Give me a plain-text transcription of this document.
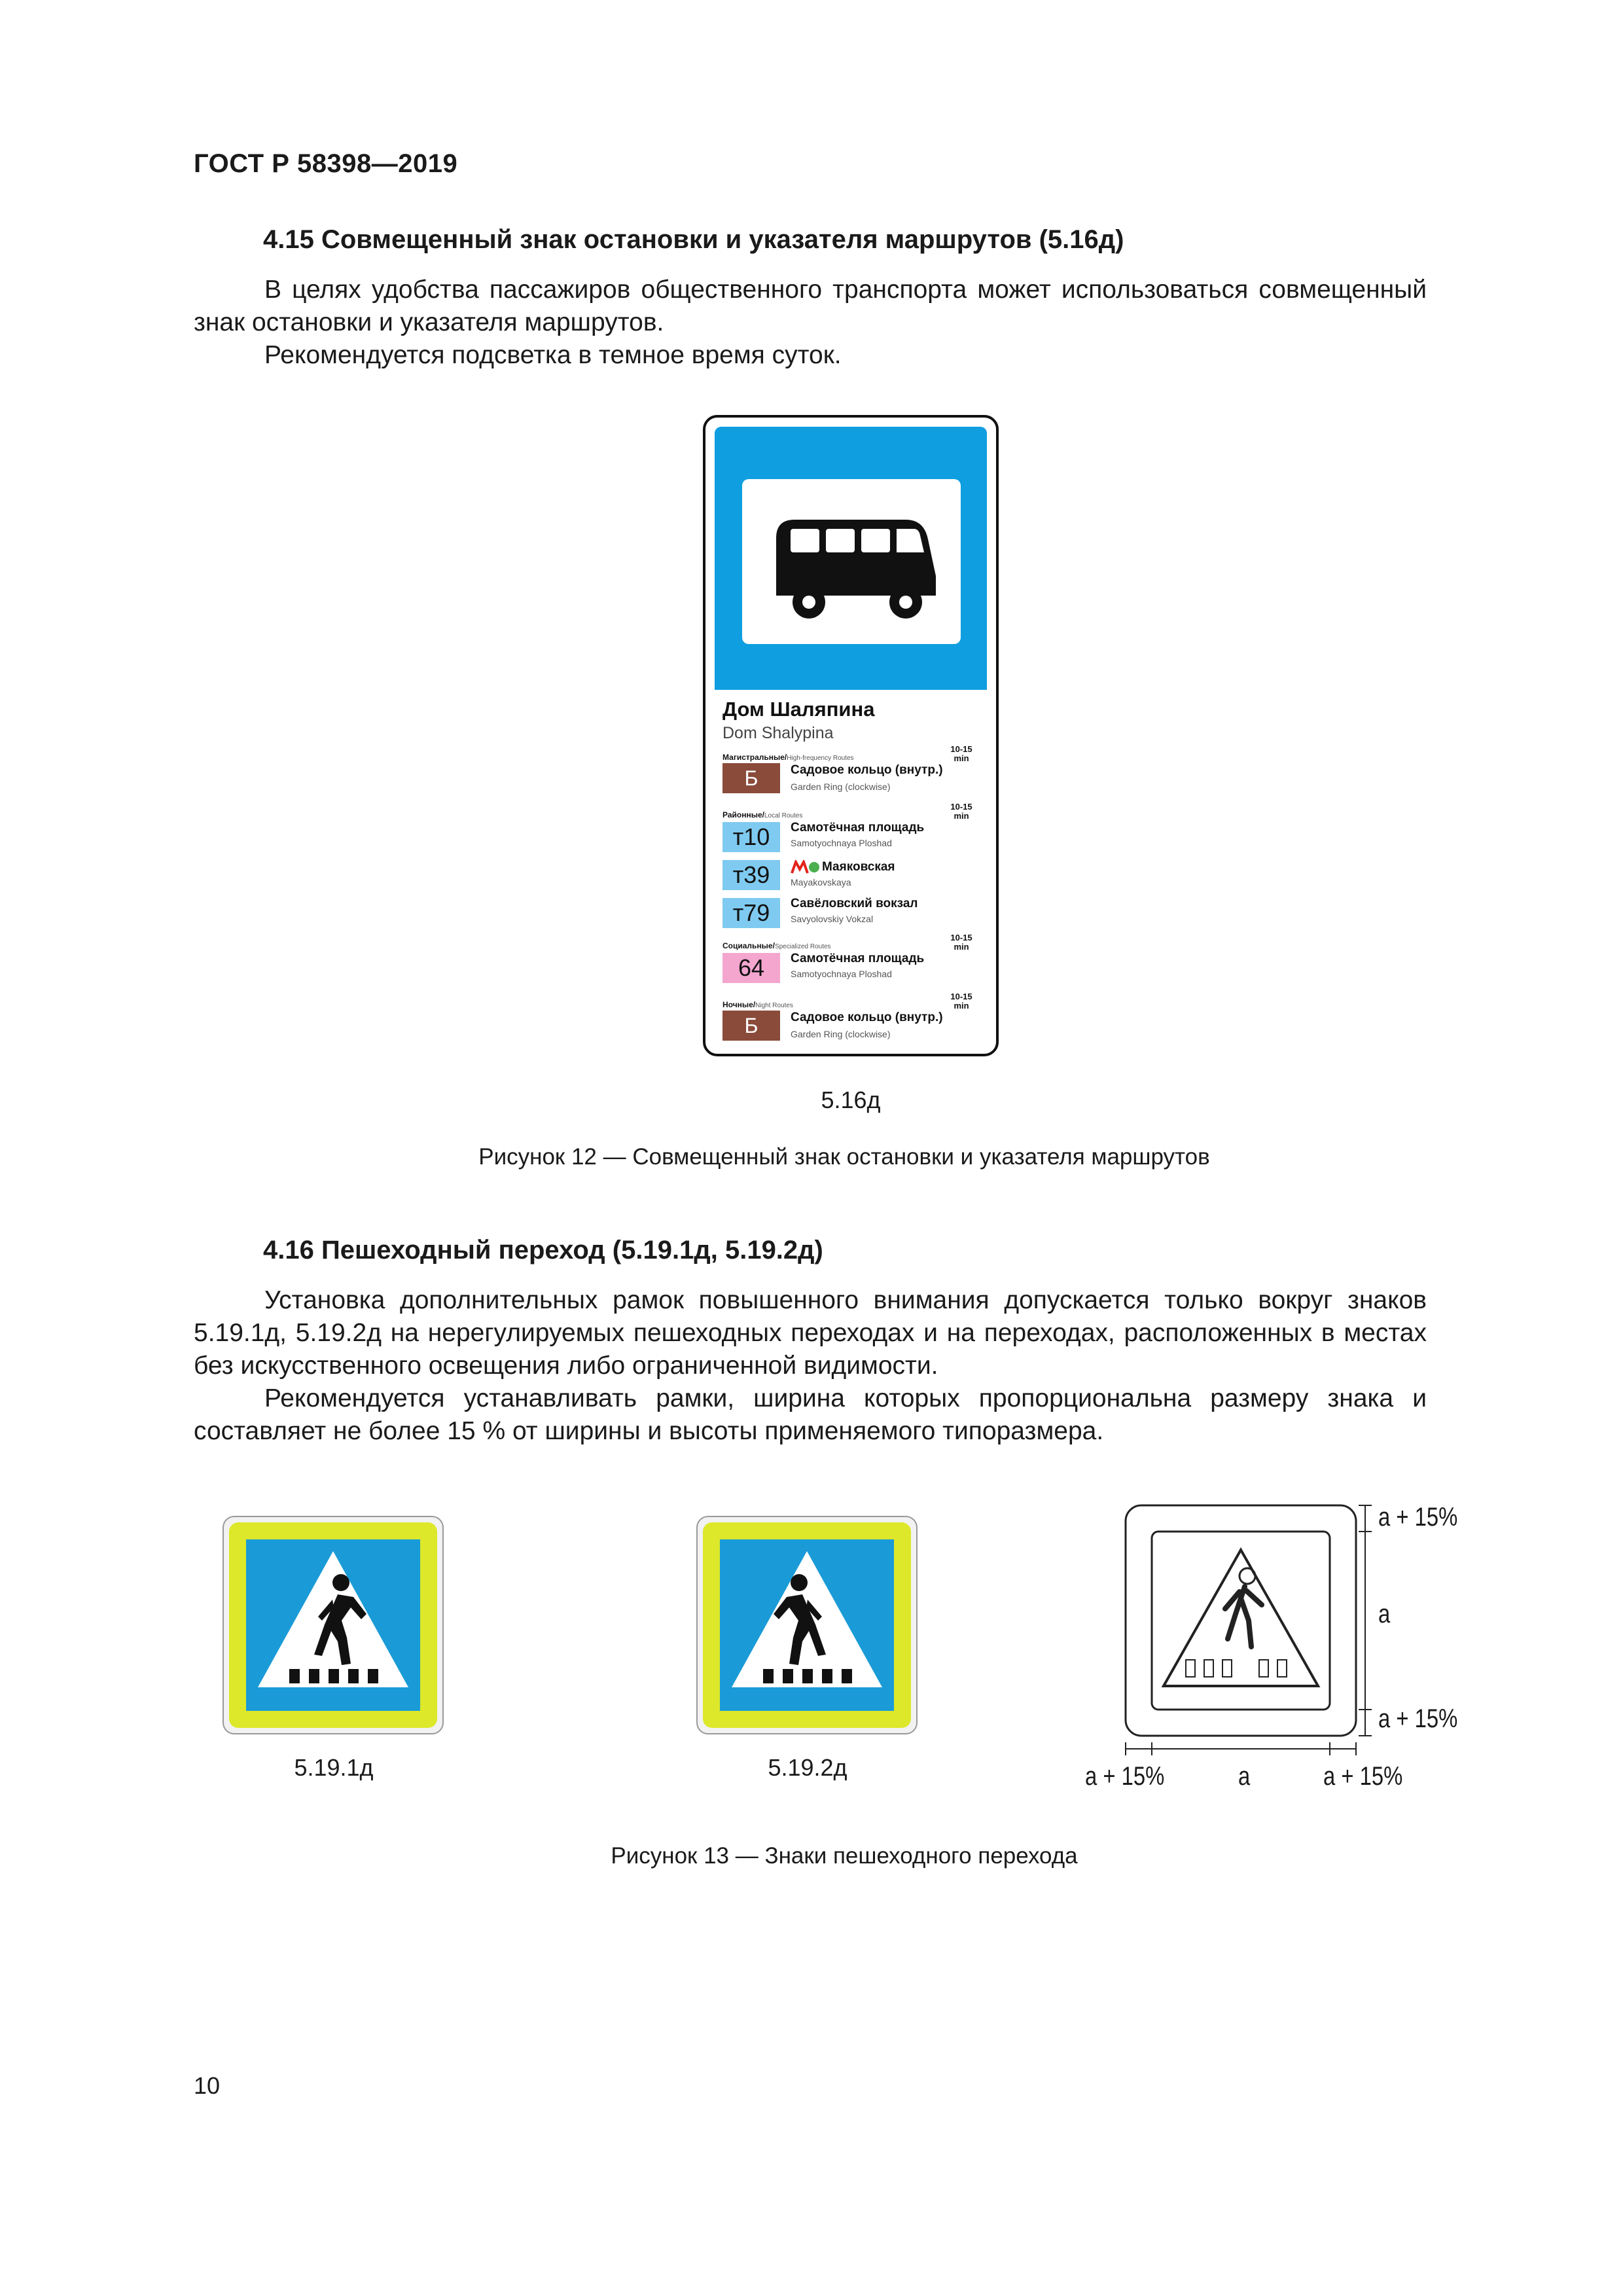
ГОСТ Р 58398—2019
4.15 Совмещенный знак остановки и указателя маршрутов (5.16д)
В целях удобства пассажиров общественного транспорта может использоваться совмещенный знак остановки и указателя маршрутов.
Рекомендуется подсветка в темное время суток.
Дом Шаляпина
Dom Shalypina
Магистральные/High-frequency Routes
10-15 min
Б	Садовое кольцо (внутр.)
Garden Ring (clockwise)
Районные/Local Routes
10-15 min
т10	Самотёчная площадь
Samotyochnaya Ploshad
т39	Маяковская
Mayakovskaya
т79	Савёловский вокзал
Savyolovskiy Vokzal
Социальные/Specialized Routes
10-15 min
64	Самотёчная площадь
Samotyochnaya Ploshad
Ночные/Night Routes
10-15 min
Б	Садовое кольцо (внутр.)
Garden Ring (clockwise)
5.16д
Рисунок 12 — Совмещенный знак остановки и указателя маршрутов
4.16 Пешеходный переход (5.19.1д, 5.19.2д)
Установка дополнительных рамок повышенного внимания допускается только вокруг знаков 5.19.1д, 5.19.2д на нерегулируемых пешеходных переходах и на переходах, расположенных в местах без искусственного освещения либо ограниченной видимости.
Рекомендуется устанавливать рамки, ширина которых пропорциональна размеру знака и составляет не более 15 % от ширины и высоты применяемого типоразмера.
5.19.1д	5.19.2д
a + 15%
a
a + 15%
a + 15%	a	a + 15%
Рисунок 13 — Знаки пешеходного перехода
10
